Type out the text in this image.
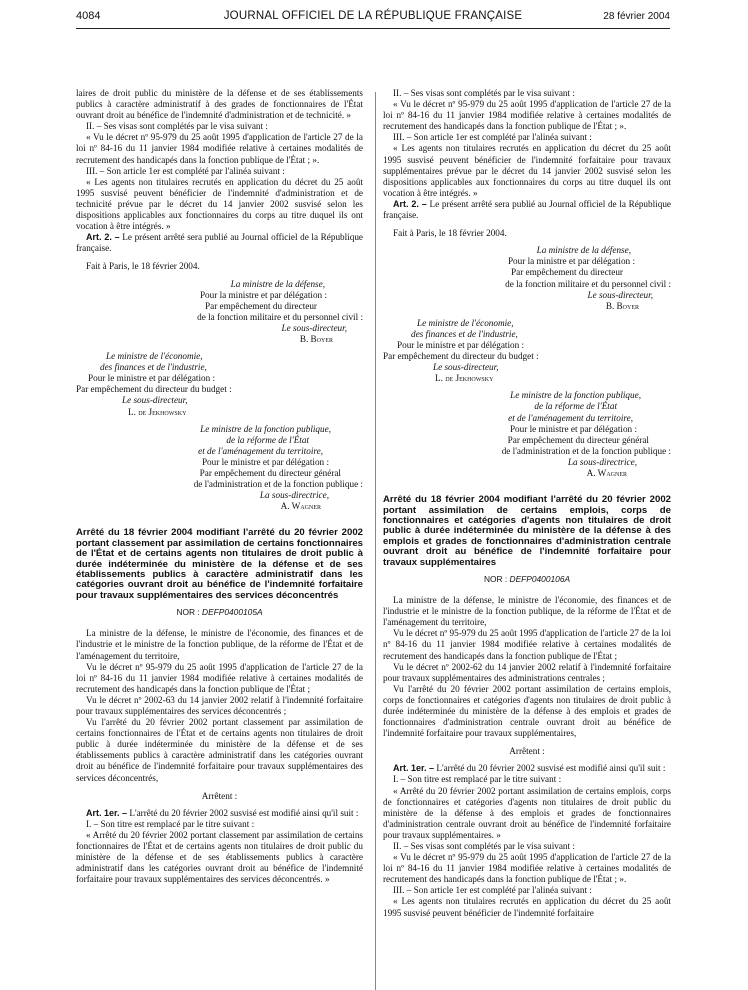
4084	JOURNAL OFFICIEL DE LA RÉPUBLIQUE FRANÇAISE	28 février 2004

laires de droit public du ministère de la défense et de ses établissements publics à caractère administratif à des grades de fonctionnaires de l'État ouvrant droit au bénéfice de l'indemnité d'administration et de technicité. »

II. – Ses visas sont complétés par le visa suivant :

« Vu le décret nº 95-979 du 25 août 1995 d'application de l'article 27 de la loi nº 84-16 du 11 janvier 1984 modifiée relative à certaines modalités de recrutement des handicapés dans la fonction publique de l'État ; ».

III. – Son article 1er est complété par l'alinéa suivant :

« Les agents non titulaires recrutés en application du décret du 25 août 1995 susvisé peuvent bénéficier de l'indemnité d'administration et de technicité prévue par le décret du 14 janvier 2002 susvisé selon les dispositions applicables aux fonctionnaires du corps au titre duquel ils ont vocation à être intégrés. »

Art. 2. – Le présent arrêté sera publié au Journal officiel de la République française.

Fait à Paris, le 18 février 2004.

La ministre de la défense,
Pour la ministre et par délégation :
Par empêchement du directeur
de la fonction militaire et du personnel civil :
Le sous-directeur,
B. Boyer
Le ministre de l'économie,
des finances et de l'industrie,
Pour le ministre et par délégation :
Par empêchement du directeur du budget :
Le sous-directeur,
L. de Jekhowsky
Le ministre de la fonction publique,
de la réforme de l'État
et de l'aménagement du territoire,
Pour le ministre et par délégation :
Par empêchement du directeur général
de l'administration et de la fonction publique :
La sous-directrice,
A. Wagner
Arrêté du 18 février 2004 modifiant l'arrêté du 20 février 2002 portant classement par assimilation de certains fonctionnaires de l'État et de certains agents non titulaires de droit public à durée indéterminée du ministère de la défense et de ses établissements publics à caractère administratif dans les catégories ouvrant droit au bénéfice de l'indemnité forfaitaire pour travaux supplémentaires des services déconcentrés
NOR : DEFP0400105A

La ministre de la défense, le ministre de l'économie, des finances et de l'industrie et le ministre de la fonction publique, de la réforme de l'État et de l'aménagement du territoire,

Vu le décret nº 95-979 du 25 août 1995 d'application de l'article 27 de la loi nº 84-16 du 11 janvier 1984 modifiée relative à certaines modalités de recrutement des handicapés dans la fonction publique de l'État ;

Vu le décret nº 2002-63 du 14 janvier 2002 relatif à l'indemnité forfaitaire pour travaux supplémentaires des services déconcentrés ;

Vu l'arrêté du 20 février 2002 portant classement par assimilation de certains fonctionnaires de l'État et de certains agents non titulaires de droit public à durée indéterminée du ministère de la défense et de ses établissements publics à caractère administratif dans les catégories ouvrant droit au bénéfice de l'indemnité forfaitaire pour travaux supplémentaires des services déconcentrés,

Arrêtent :

Art. 1er. – L'arrêté du 20 février 2002 susvisé est modifié ainsi qu'il suit :

I. – Son titre est remplacé par le titre suivant :

« Arrêté du 20 février 2002 portant classement par assimilation de certains fonctionnaires de l'État et de certains agents non titulaires de droit public du ministère de la défense et de ses établissements publics à caractère administratif dans les catégories ouvrant droit au bénéfice de l'indemnité forfaitaire pour travaux supplémentaires des services déconcentrés. »

II. – Ses visas sont complétés par le visa suivant :

« Vu le décret nº 95-979 du 25 août 1995 d'application de l'article 27 de la loi nº 84-16 du 11 janvier 1984 modifiée relative à certaines modalités de recrutement des handicapés dans la fonction publique de l'État ; ».

III. – Son article 1er est complété par l'alinéa suivant :

« Les agents non titulaires recrutés en application du décret du 25 août 1995 susvisé peuvent bénéficier de l'indemnité forfaitaire pour travaux supplémentaires prévue par le décret du 14 janvier 2002 susvisé selon les dispositions applicables aux fonctionnaires du corps au titre duquel ils ont vocation à être intégrés. »

Art. 2. – Le présent arrêté sera publié au Journal officiel de la République française.

Fait à Paris, le 18 février 2004.

La ministre de la défense,
Pour la ministre et par délégation :
Par empêchement du directeur
de la fonction militaire et du personnel civil :
Le sous-directeur,
B. Boyer
Le ministre de l'économie,
des finances et de l'industrie,
Pour le ministre et par délégation :
Par empêchement du directeur du budget :
Le sous-directeur,
L. de Jekhowsky
Le ministre de la fonction publique,
de la réforme de l'État
et de l'aménagement du territoire,
Pour le ministre et par délégation :
Par empêchement du directeur général
de l'administration et de la fonction publique :
La sous-directrice,
A. Wagner
Arrêté du 18 février 2004 modifiant l'arrêté du 20 février 2002 portant assimilation de certains emplois, corps de fonctionnaires et catégories d'agents non titulaires de droit public à durée indéterminée du ministère de la défense à des emplois et grades de fonctionnaires d'administration centrale ouvrant droit au bénéfice de l'indemnité forfaitaire pour travaux supplémentaires
NOR : DEFP0400106A

La ministre de la défense, le ministre de l'économie, des finances et de l'industrie et le ministre de la fonction publique, de la réforme de l'État et de l'aménagement du territoire,

Vu le décret nº 95-979 du 25 août 1995 d'application de l'article 27 de la loi nº 84-16 du 11 janvier 1984 modifiée relative à certaines modalités de recrutement des handicapés dans la fonction publique de l'État ;

Vu le décret nº 2002-62 du 14 janvier 2002 relatif à l'indemnité forfaitaire pour travaux supplémentaires des administrations centrales ;

Vu l'arrêté du 20 février 2002 portant assimilation de certains emplois, corps de fonctionnaires et catégories d'agents non titulaires de droit public à durée indéterminée du ministère de la défense à des emplois et grades de fonctionnaires d'administration centrale ouvrant droit au bénéfice de l'indemnité forfaitaire pour travaux supplémentaires,

Arrêtent :

Art. 1er. – L'arrêté du 20 février 2002 susvisé est modifié ainsi qu'il suit :

I. – Son titre est remplacé par le titre suivant :

« Arrêté du 20 février 2002 portant assimilation de certains emplois, corps de fonctionnaires et catégories d'agents non titulaires de droit public du ministère de la défense à des emplois et grades de fonctionnaires d'administration centrale ouvrant droit au bénéfice de l'indemnité forfaitaire pour travaux supplémentaires. »

II. – Ses visas sont complétés par le visa suivant :

« Vu le décret nº 95-979 du 25 août 1995 d'application de l'article 27 de la loi nº 84-16 du 11 janvier 1984 modifiée relative à certaines modalités de recrutement des handicapés dans la fonction publique de l'État ; ».

III. – Son article 1er est complété par l'alinéa suivant :

« Les agents non titulaires recrutés en application du décret du 25 août 1995 susvisé peuvent bénéficier de l'indemnité forfaitaire
